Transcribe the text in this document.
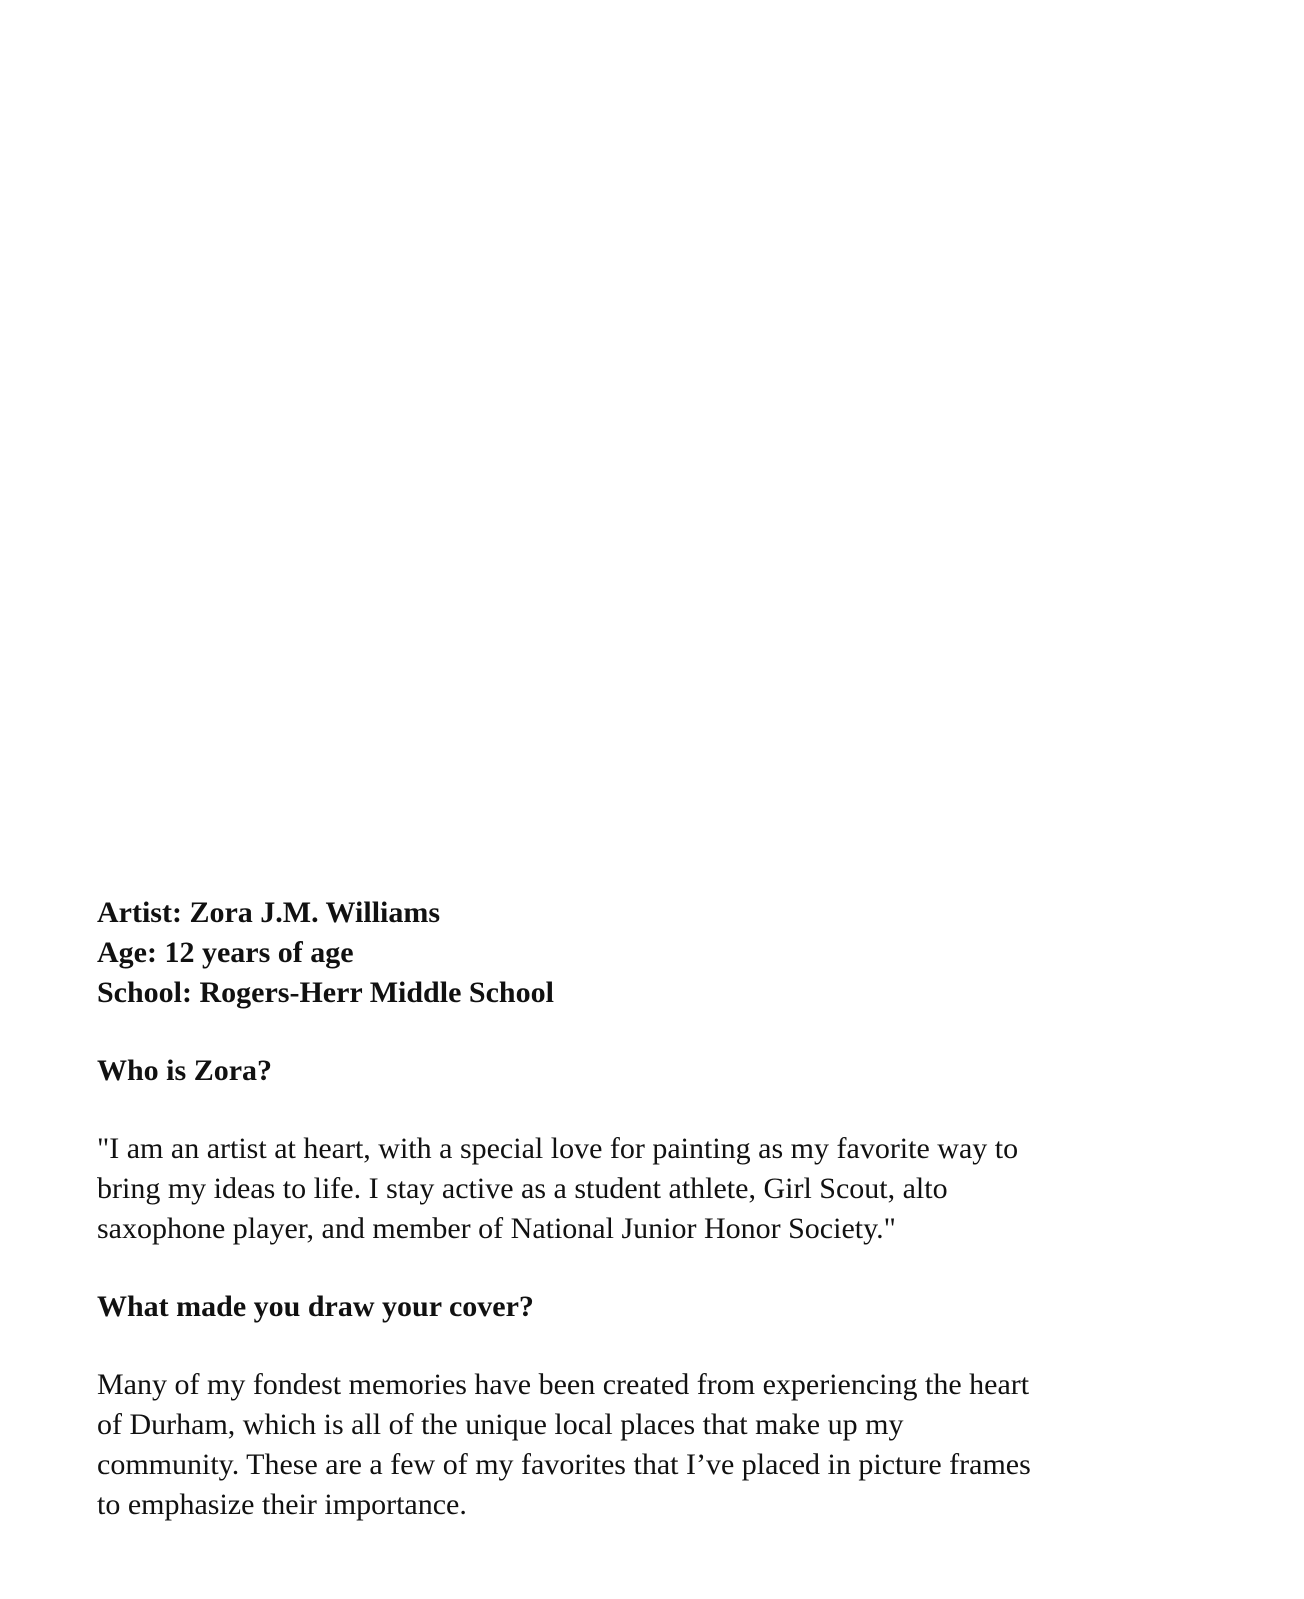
Artist: Zora J.M. Williams

Age: 12 years of age

School: Rogers-Herr Middle School

Who is Zora?

"I am an artist at heart, with a special love for painting as my favorite way to

bring my ideas to life. I stay active as a student athlete, Girl Scout, alto

saxophone player, and member of National Junior Honor Society."

What made you draw your cover?

Many of my fondest memories have been created from experiencing the heart

of Durham, which is all of the unique local places that make up my

community. These are a few of my favorites that I’ve placed in picture frames

to emphasize their importance.
